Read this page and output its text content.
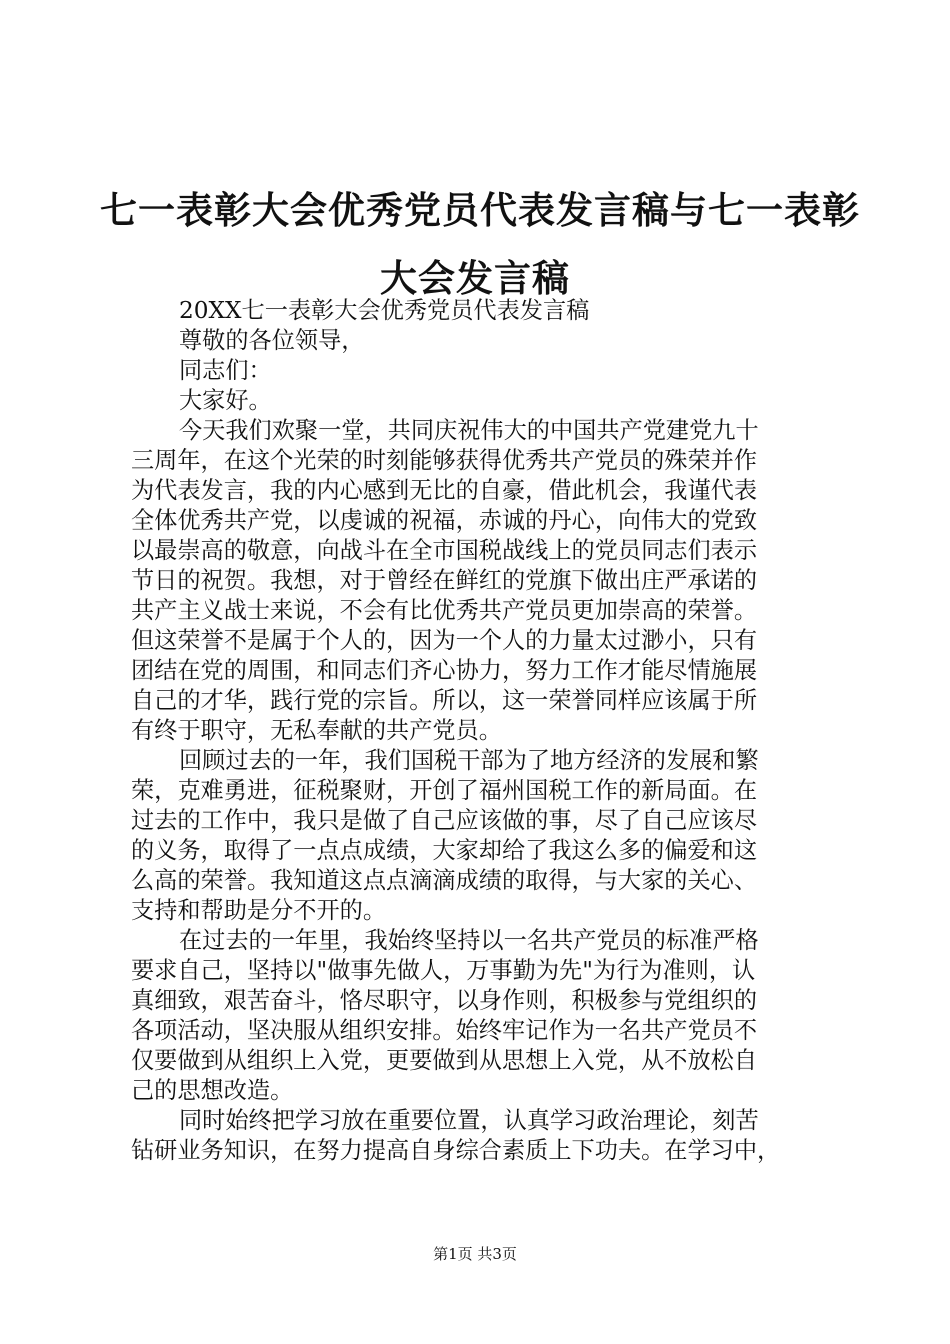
七一表彰大会优秀党员代表发言稿与七一表彰
大会发言稿
20XX七一表彰大会优秀党员代表发言稿
尊敬的各位领导，
同志们：
大家好。
今天我们欢聚一堂，共同庆祝伟大的中国共产党建党九十
三周年，在这个光荣的时刻能够获得优秀共产党员的殊荣并作
为代表发言，我的内心感到无比的自豪，借此机会，我谨代表
全体优秀共产党，以虔诚的祝福，赤诚的丹心，向伟大的党致
以最崇高的敬意，向战斗在全市国税战线上的党员同志们表示
节日的祝贺。我想，对于曾经在鲜红的党旗下做出庄严承诺的
共产主义战士来说，不会有比优秀共产党员更加崇高的荣誉。
但这荣誉不是属于个人的，因为一个人的力量太过渺小，只有
团结在党的周围，和同志们齐心协力，努力工作才能尽情施展
自己的才华，践行党的宗旨。所以，这一荣誉同样应该属于所
有终于职守，无私奉献的共产党员。
回顾过去的一年，我们国税干部为了地方经济的发展和繁
荣，克难勇进，征税聚财，开创了福州国税工作的新局面。在
过去的工作中，我只是做了自己应该做的事，尽了自己应该尽
的义务，取得了一点点成绩，大家却给了我这么多的偏爱和这
么高的荣誉。我知道这点点滴滴成绩的取得，与大家的关心、
支持和帮助是分不开的。
在过去的一年里，我始终坚持以一名共产党员的标准严格
要求自己，坚持以"做事先做人，万事勤为先"为行为准则，认
真细致，艰苦奋斗，恪尽职守，以身作则，积极参与党组织的
各项活动，坚决服从组织安排。始终牢记作为一名共产党员不
仅要做到从组织上入党，更要做到从思想上入党，从不放松自
己的思想改造。
同时始终把学习放在重要位置，认真学习政治理论，刻苦
钻研业务知识，在努力提高自身综合素质上下功夫。在学习中，
第1页 共3页
